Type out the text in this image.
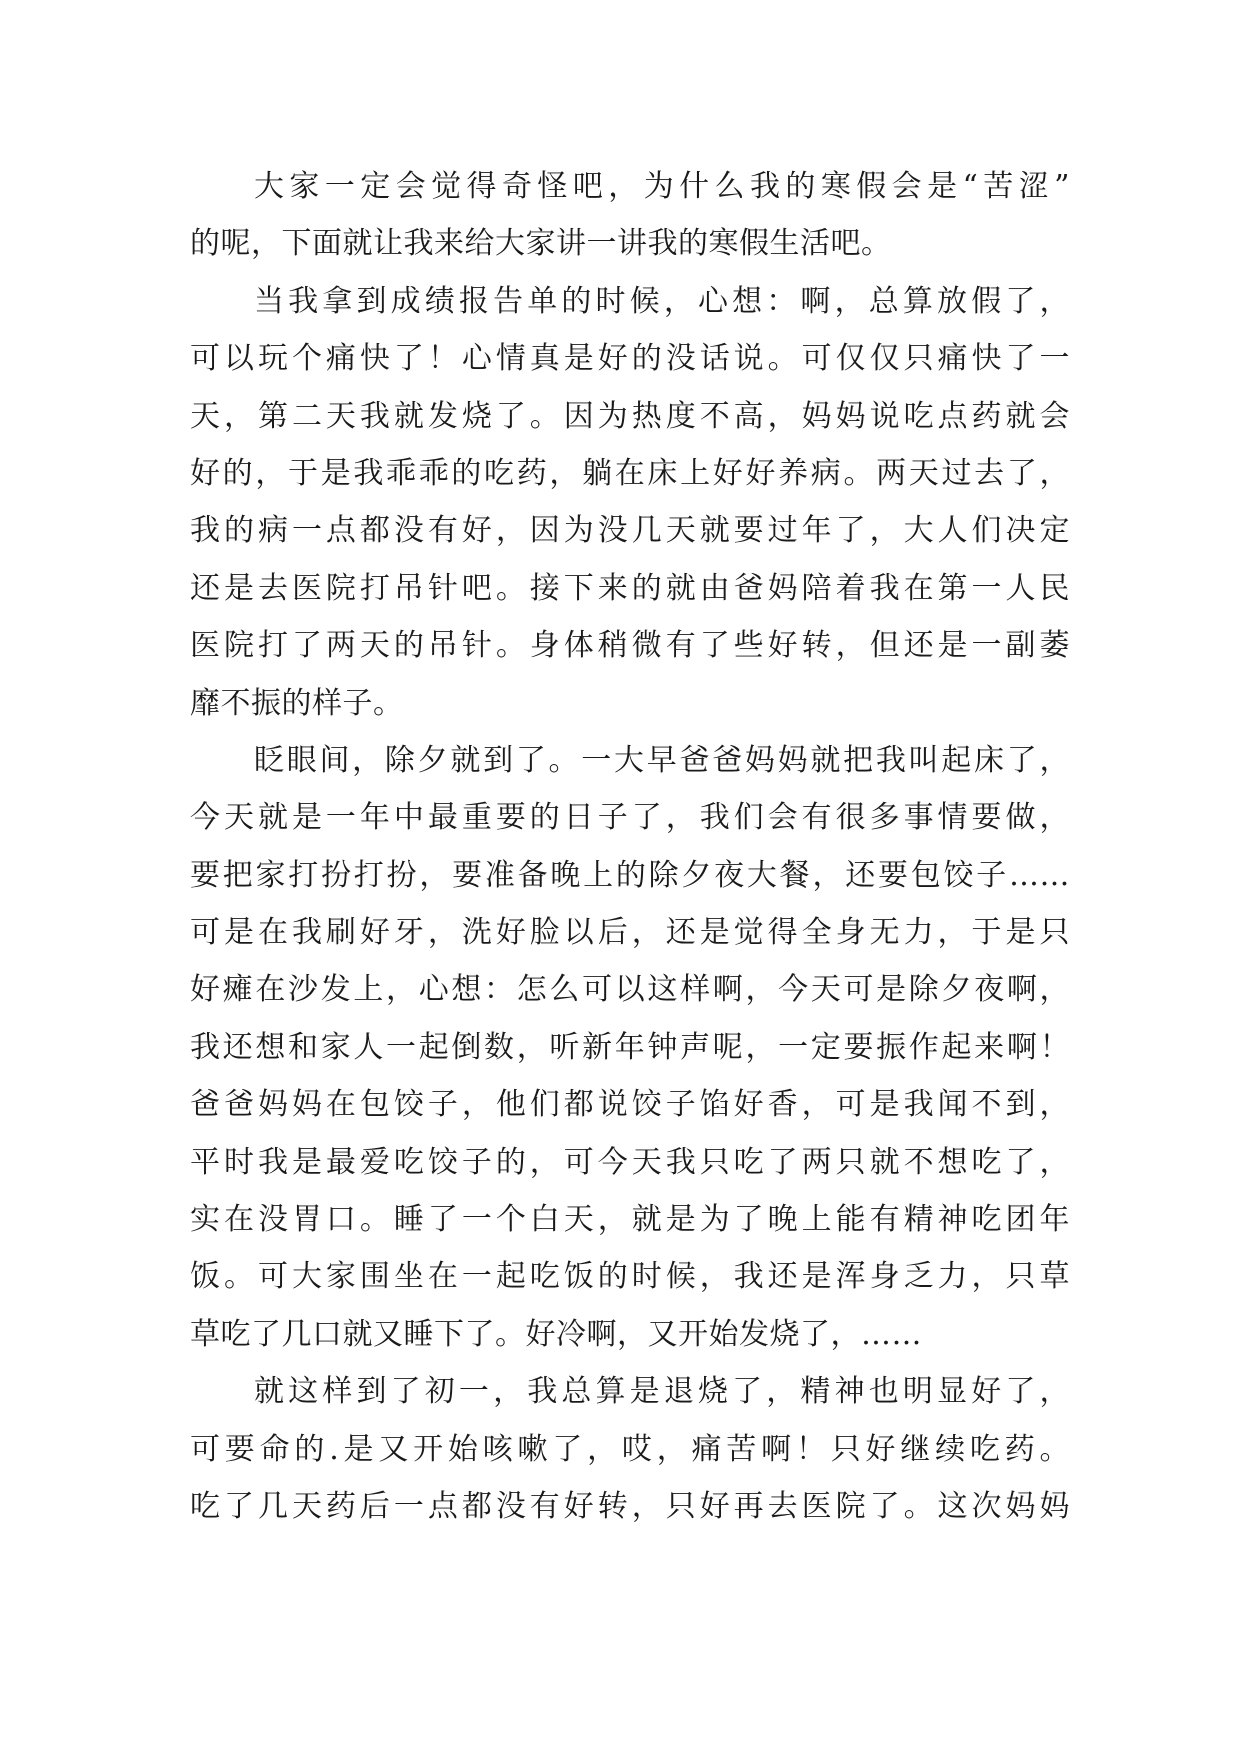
大家一定会觉得奇怪吧，为什么我的寒假会是“苦涩”
的呢，下面就让我来给大家讲一讲我的寒假生活吧。
当我拿到成绩报告单的时候，心想：啊，总算放假了，
可以玩个痛快了！心情真是好的没话说。可仅仅只痛快了一
天，第二天我就发烧了。因为热度不高，妈妈说吃点药就会
好的，于是我乖乖的吃药，躺在床上好好养病。两天过去了，
我的病一点都没有好，因为没几天就要过年了，大人们决定
还是去医院打吊针吧。接下来的就由爸妈陪着我在第一人民
医院打了两天的吊针。身体稍微有了些好转，但还是一副萎
靡不振的样子。
眨眼间，除夕就到了。一大早爸爸妈妈就把我叫起床了，
今天就是一年中最重要的日子了，我们会有很多事情要做，
要把家打扮打扮，要准备晚上的除夕夜大餐，还要包饺子……
可是在我刷好牙，洗好脸以后，还是觉得全身无力，于是只
好瘫在沙发上，心想：怎么可以这样啊，今天可是除夕夜啊，
我还想和家人一起倒数，听新年钟声呢，一定要振作起来啊！
爸爸妈妈在包饺子，他们都说饺子馅好香，可是我闻不到，
平时我是最爱吃饺子的，可今天我只吃了两只就不想吃了，
实在没胃口。睡了一个白天，就是为了晚上能有精神吃团年
饭。可大家围坐在一起吃饭的时候，我还是浑身乏力，只草
草吃了几口就又睡下了。好冷啊，又开始发烧了，……
就这样到了初一，我总算是退烧了，精神也明显好了，
可要命的.是又开始咳嗽了，哎，痛苦啊！只好继续吃药。
吃了几天药后一点都没有好转，只好再去医院了。这次妈妈
